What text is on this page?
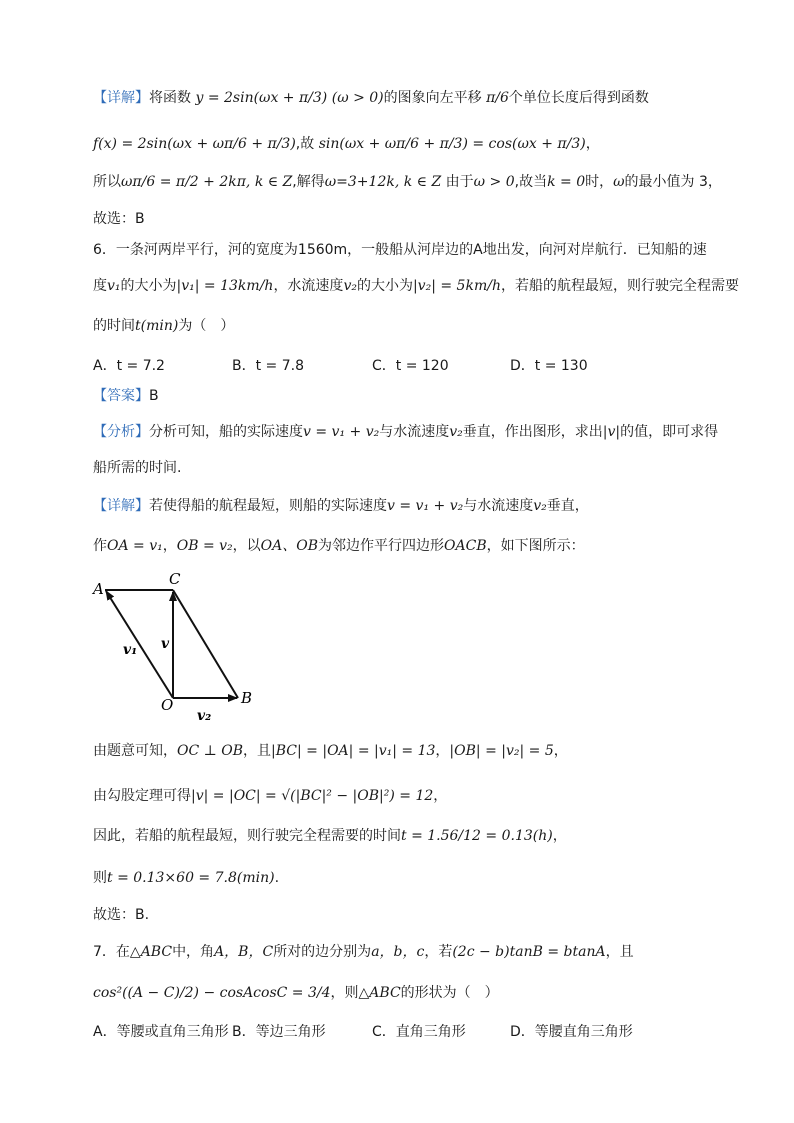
【详解】将函数 y = 2sin(ωx + π/3) (ω > 0)的图象向左平移 π/6个单位长度后得到函数
f(x) = 2sin(ωx + ωπ/6 + π/3),故 sin(ωx + ωπ/6 + π/3) = cos(ωx + π/3)，
所以ωπ/6 = π/2 + 2kπ, k ∈ Z,解得ω=3+12k, k ∈ Z 由于ω > 0,故当k = 0时，ω的最小值为 3，
故选：B
6．一条河两岸平行，河的宽度为1560m，一般船从河岸边的A地出发，向河对岸航行．已知船的速
度v₁的大小为|v₁| = 13km/h，水流速度v₂的大小为|v₂| = 5km/h，若船的航程最短，则行驶完全程需要
的时间t(min)为（　）
A．t = 7.2	B．t = 7.8	C．t = 120	D．t = 130
【答案】B
【分析】分析可知，船的实际速度v = v₁ + v₂与水流速度v₂垂直，作出图形，求出|v|的值，即可求得
船所需的时间.
【详解】若使得船的航程最短，则船的实际速度v = v₁ + v₂与水流速度v₂垂直，
作OA = v₁，OB = v₂，以OA、OB为邻边作平行四边形OACB，如下图所示：
A
C
O	B
v₁ v
v₂
由题意可知，OC ⊥ OB，且|BC| = |OA| = |v₁| = 13，|OB| = |v₂| = 5，
由勾股定理可得|v| = |OC| = √(|BC|² − |OB|²) = 12，
因此，若船的航程最短，则行驶完全程需要的时间t = 1.56/12 = 0.13(h)，
则t = 0.13×60 = 7.8(min).
故选：B.
7．在△ABC中，角A，B，C所对的边分别为a，b，c，若(2c − b)tanB = btanA，且
cos²((A − C)/2) − cosAcosC = 3/4，则△ABC的形状为（　）
A．等腰或直角三角形 B．等边三角形	C．直角三角形	D．等腰直角三角形
